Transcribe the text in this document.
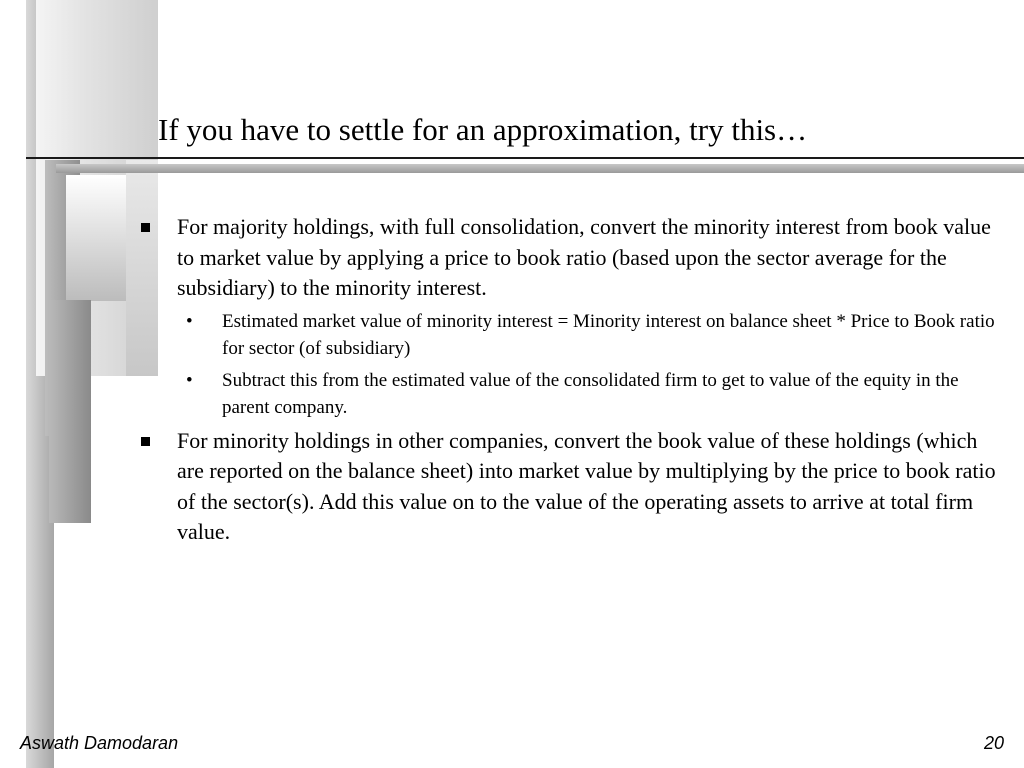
If you have to settle for an approximation, try this…
For majority holdings, with full consolidation, convert the minority interest from book value to market value by applying a price to book ratio (based upon the sector average for the subsidiary) to the minority interest.
• Estimated market value of minority interest = Minority interest on balance sheet * Price to Book ratio for sector (of subsidiary)
• Subtract this from the estimated value of the consolidated firm to get to value of the equity in the parent company.
For minority holdings in other companies, convert the book value of these holdings (which are reported on the balance sheet) into market value by multiplying by the price to book ratio of the sector(s). Add this value on to the value of the operating assets to arrive at total firm value.
Aswath Damodaran	20
